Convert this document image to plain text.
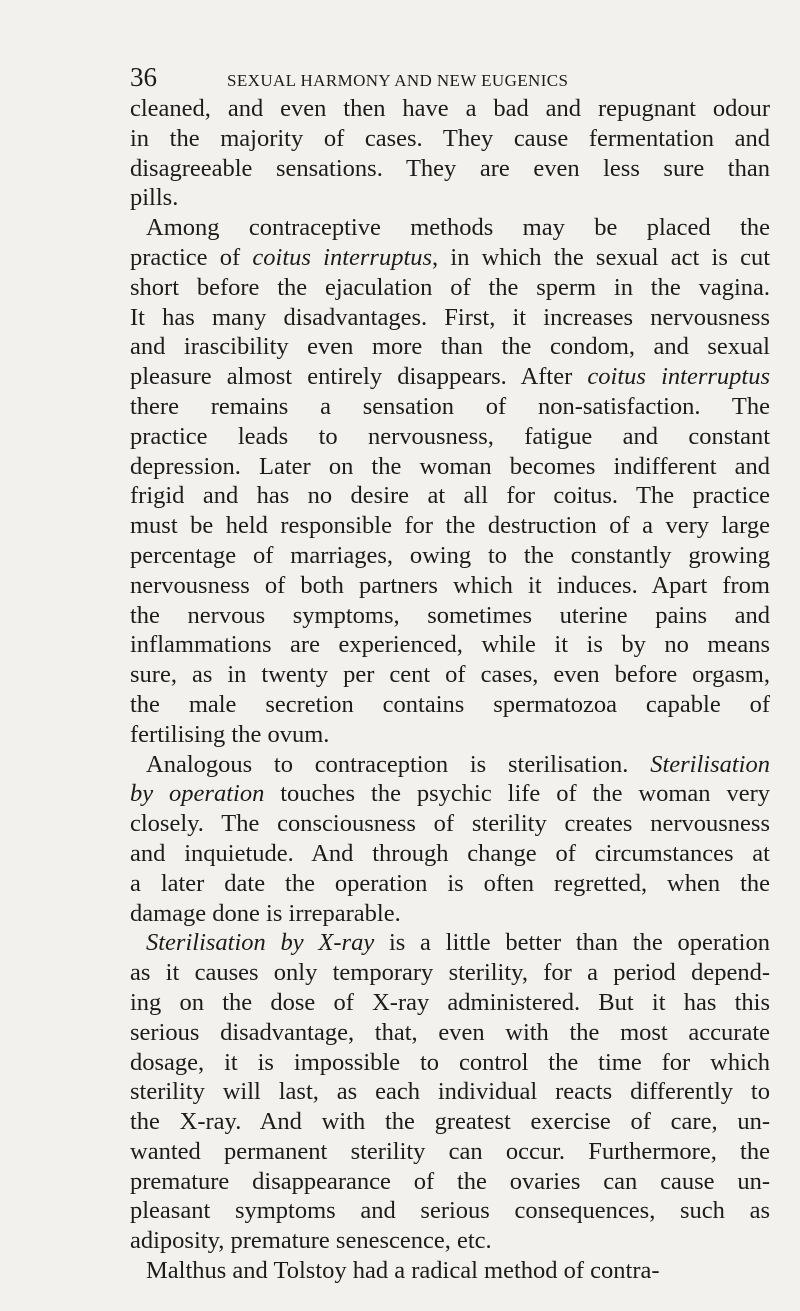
36	SEXUAL HARMONY AND NEW EUGENICS
cleaned, and even then have a bad and repugnant odour
in the majority of cases. They cause fermentation and
disagreeable sensations. They are even less sure than
pills.
Among contraceptive methods may be placed the
practice of coitus interruptus, in which the sexual act is cut
short before the ejaculation of the sperm in the vagina.
It has many disadvantages. First, it increases nervousness
and irascibility even more than the condom, and sexual
pleasure almost entirely disappears. After coitus interruptus
there remains a sensation of non-satisfaction. The
practice leads to nervousness, fatigue and constant
depression. Later on the woman becomes indifferent and
frigid and has no desire at all for coitus. The practice
must be held responsible for the destruction of a very large
percentage of marriages, owing to the constantly growing
nervousness of both partners which it induces. Apart from
the nervous symptoms, sometimes uterine pains and
inflammations are experienced, while it is by no means
sure, as in twenty per cent of cases, even before orgasm,
the male secretion contains spermatozoa capable of
fertilising the ovum.
Analogous to contraception is sterilisation. Sterilisation
by operation touches the psychic life of the woman very
closely. The consciousness of sterility creates nervousness
and inquietude. And through change of circumstances at
a later date the operation is often regretted, when the
damage done is irreparable.
Sterilisation by X-ray is a little better than the operation
as it causes only temporary sterility, for a period depend-
ing on the dose of X-ray administered. But it has this
serious disadvantage, that, even with the most accurate
dosage, it is impossible to control the time for which
sterility will last, as each individual reacts differently to
the X-ray. And with the greatest exercise of care, un-
wanted permanent sterility can occur. Furthermore, the
premature disappearance of the ovaries can cause un-
pleasant symptoms and serious consequences, such as
adiposity, premature senescence, etc.
Malthus and Tolstoy had a radical method of contra-
